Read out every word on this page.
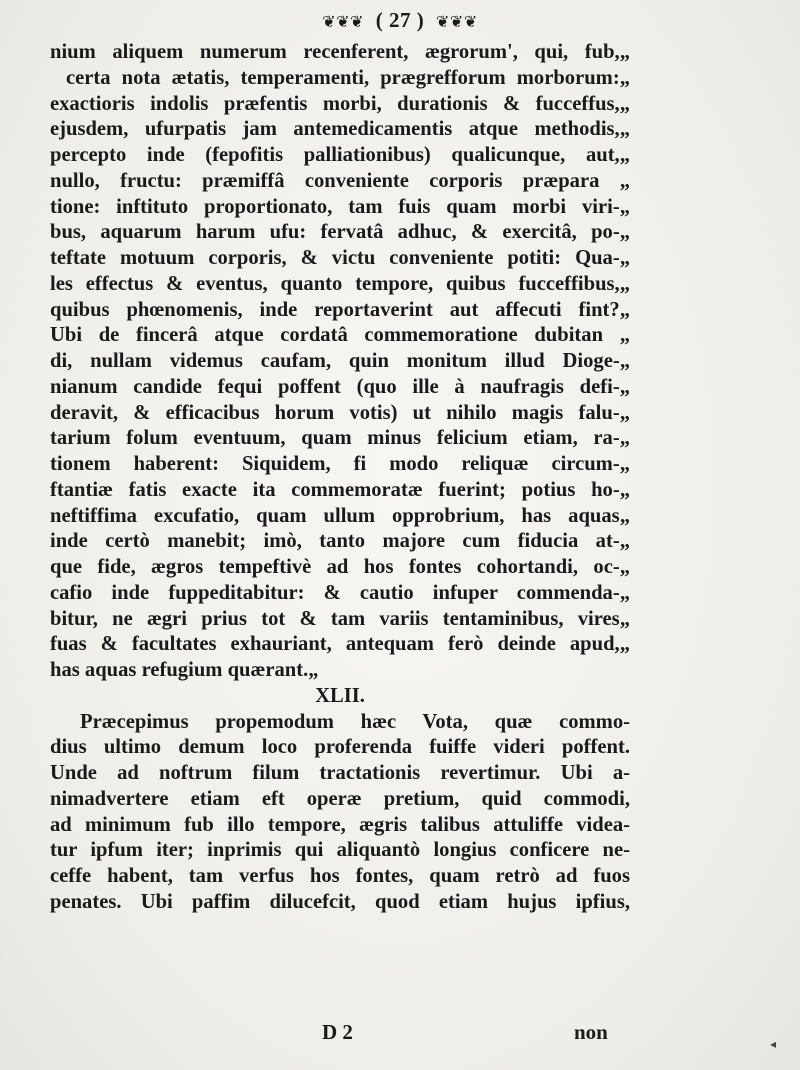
❦❦❦ ( 27 ) ❦❦❦
nium aliquem numerum recenferent, ægrorum', qui, fub,„
certa nota ætatis, temperamenti, prægrefforum morborum:„
exactioris indolis præfentis morbi, durationis & fucceffus,„
ejusdem, ufurpatis jam antemedicamentis atque methodis,„
percepto inde (fepofitis palliationibus) qualicunque, aut,„
nullo, fructu: præmiffâ conveniente corporis præpara „
tione: inftituto proportionato, tam fuis quam morbi viri-„
bus, aquarum harum ufu: fervatâ adhuc, & exercitâ, po-„
teftate motuum corporis, & victu conveniente potiti: Qua-„
les effectus & eventus, quanto tempore, quibus fucceffibus,„
quibus phœnomenis, inde reportaverint aut affecuti fint?„
Ubi de fincerâ atque cordatâ commemoratione dubitan „
di, nullam videmus caufam, quin monitum illud Dioge-„
nianum candide fequi poffent (quo ille à naufragis defi-„
deravit, & efficacibus horum votis) ut nihilo magis falu-„
tarium folum eventuum, quam minus felicium etiam, ra-„
tionem haberent: Siquidem, fi modo reliquæ circum-„
ftantiæ fatis exacte ita commemoratæ fuerint; potius ho-„
neftiffima excufatio, quam ullum opprobrium, has aquas„
inde certò manebit; imò, tanto majore cum fiducia at-„
que fide, ægros tempeftivè ad hos fontes cohortandi, oc-„
cafio inde fuppeditabitur: & cautio infuper commenda-„
bitur, ne ægri prius tot & tam variis tentaminibus, vires„
fuas & facultates exhauriant, antequam ferò deinde apud,„
has aquas refugium quærant.„
XLII.
Præcepimus propemodum hæc Vota, quæ commo-
dius ultimo demum loco proferenda fuiffe videri poffent.
Unde ad noftrum filum tractationis revertimur. Ubi a-
nimadvertere etiam eft operæ pretium, quid commodi,
ad minimum fub illo tempore, ægris talibus attuliffe videa-
tur ipfum iter; inprimis qui aliquantò longius conficere ne-
ceffe habent, tam verfus hos fontes, quam retrò ad fuos
penates. Ubi paffim dilucefcit, quod etiam hujus ipfius,
D 2	non	◂
